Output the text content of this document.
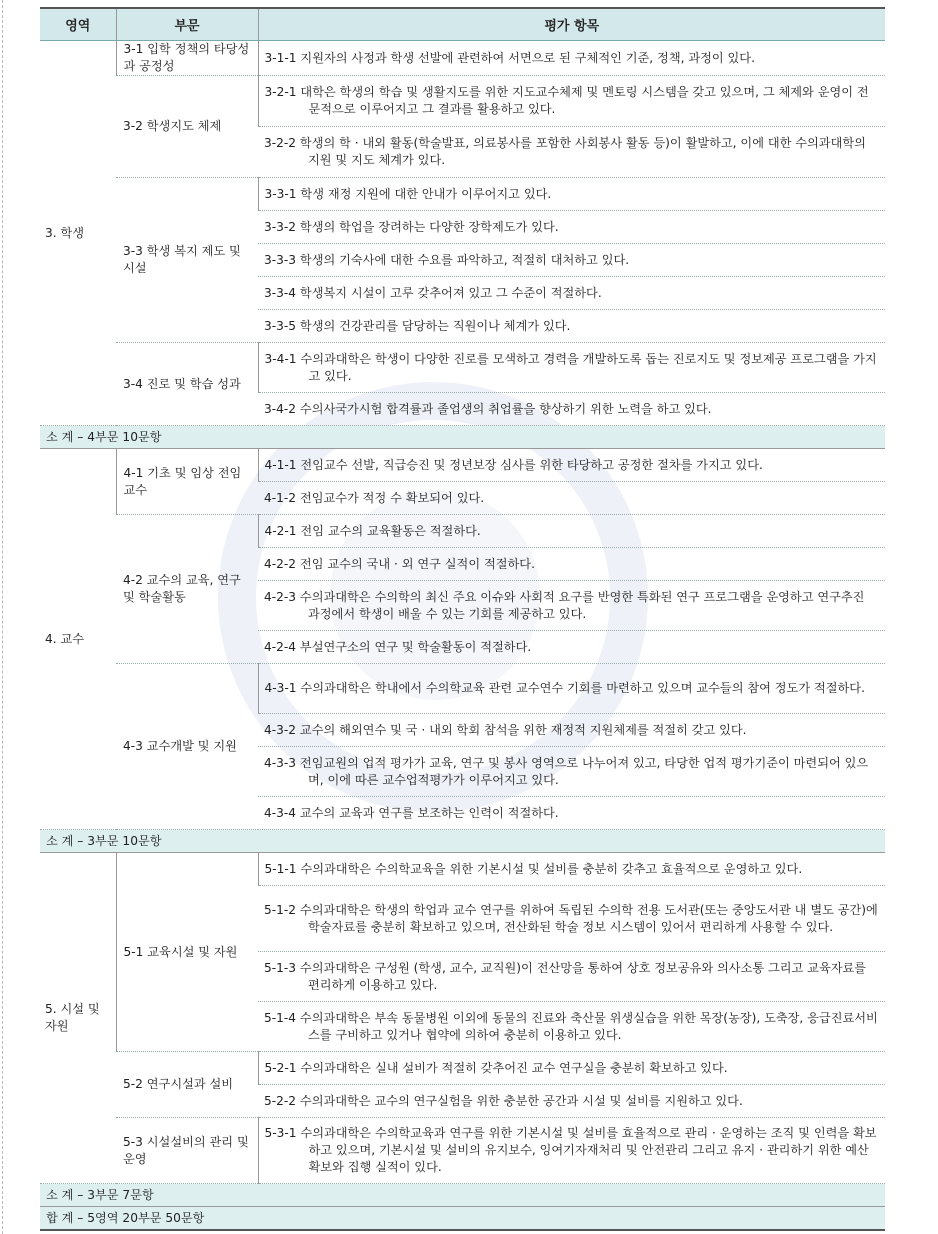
영역	부문	평가 항목
3. 학생	3-1 입학 정책의 타당성과 공정성	3-1-1 지원자의 사정과 학생 선발에 관련하여 서면으로 된 구체적인 기준, 정책, 과정이 있다.

	3-2 학생지도 체제	3-2-1 대학은 학생의 학습 및 생활지도를 위한 지도교수체제 및 멘토링 시스템을 갖고 있으며, 그 체제와 운영이 전문적으로 이루어지고 그 결과를 활용하고 있다.

		3-2-2 학생의 학 · 내외 활동(학술발표, 의료봉사를 포함한 사회봉사 활동 등)이 활발하고, 이에 대한 수의과대학의 지원 및 지도 체계가 있다.

	3-3 학생 복지 제도 및 시설	3-3-1 학생 재정 지원에 대한 안내가 이루어지고 있다.

		3-3-2 학생의 학업을 장려하는 다양한 장학제도가 있다.

		3-3-3 학생의 기숙사에 대한 수요를 파악하고, 적절히 대처하고 있다.

		3-3-4 학생복지 시설이 고루 갖추어져 있고 그 수준이 적절하다.

		3-3-5 학생의 건강관리를 담당하는 직원이나 체계가 있다.

	3-4 진로 및 학습 성과	3-4-1 수의과대학은 학생이 다양한 진로를 모색하고 경력을 개발하도록 돕는 진로지도 및 정보제공 프로그램을 가지고 있다.

		3-4-2 수의사국가시험 합격률과 졸업생의 취업률을 향상하기 위한 노력을 하고 있다.

소 계 – 4부문 10문항		
4. 교수	4-1 기초 및 임상 전임교수	4-1-1 전임교수 선발, 직급승진 및 정년보장 심사를 위한 타당하고 공정한 절차를 가지고 있다.

		4-1-2 전임교수가 적정 수 확보되어 있다.

	4-2 교수의 교육, 연구 및 학술활동	4-2-1 전임 교수의 교육활동은 적절하다.

		4-2-2 전임 교수의 국내 · 외 연구 실적이 적절하다.

		4-2-3 수의과대학은 수의학의 최신 주요 이슈와 사회적 요구를 반영한 특화된 연구 프로그램을 운영하고 연구추진 과정에서 학생이 배울 수 있는 기회를 제공하고 있다.

		4-2-4 부설연구소의 연구 및 학술활동이 적절하다.

	4-3 교수개발 및 지원	4-3-1 수의과대학은 학내에서 수의학교육 관련 교수연수 기회를 마련하고 있으며 교수들의 참여 정도가 적절하다.

		4-3-2 교수의 해외연수 및 국 · 내외 학회 참석을 위한 재정적 지원체제를 적절히 갖고 있다.

		4-3-3 전임교원의 업적 평가가 교육, 연구 및 봉사 영역으로 나누어져 있고, 타당한 업적 평가기준이 마련되어 있으며, 이에 따른 교수업적평가가 이루어지고 있다.

		4-3-4 교수의 교육과 연구를 보조하는 인력이 적절하다.

소 계 – 3부문 10문항		
5. 시설 및 자원	5-1 교육시설 및 자원	5-1-1 수의과대학은 수의학교육을 위한 기본시설 및 설비를 충분히 갖추고 효율적으로 운영하고 있다.

		5-1-2 수의과대학은 학생의 학업과 교수 연구를 위하여 독립된 수의학 전용 도서관(또는 중앙도서관 내 별도 공간)에 학술자료를 충분히 확보하고 있으며, 전산화된 학술 정보 시스템이 있어서 편리하게 사용할 수 있다.

		5-1-3 수의과대학은 구성원 (학생, 교수, 교직원)이 전산망을 통하여 상호 정보공유와 의사소통 그리고 교육자료를 편리하게 이용하고 있다.

		5-1-4 수의과대학은 부속 동물병원 이외에 동물의 진료와 축산물 위생실습을 위한 목장(농장), 도축장, 응급진료서비스를 구비하고 있거나 협약에 의하여 충분히 이용하고 있다.

	5-2 연구시설과 설비	5-2-1 수의과대학은 실내 설비가 적절히 갖추어진 교수 연구실을 충분히 확보하고 있다.

		5-2-2 수의과대학은 교수의 연구실험을 위한 충분한 공간과 시설 및 설비를 지원하고 있다.

	5-3 시설설비의 관리 및 운영	5-3-1 수의과대학은 수의학교육과 연구를 위한 기본시설 및 설비를 효율적으로 관리 · 운영하는 조직 및 인력을 확보하고 있으며, 기본시설 및 설비의 유지보수, 잉여기자재처리 및 안전관리 그리고 유지 · 관리하기 위한 예산 확보와 집행 실적이 있다.

소 계 – 3부문 7문항		
합 계 – 5영역 20부문 50문항		
